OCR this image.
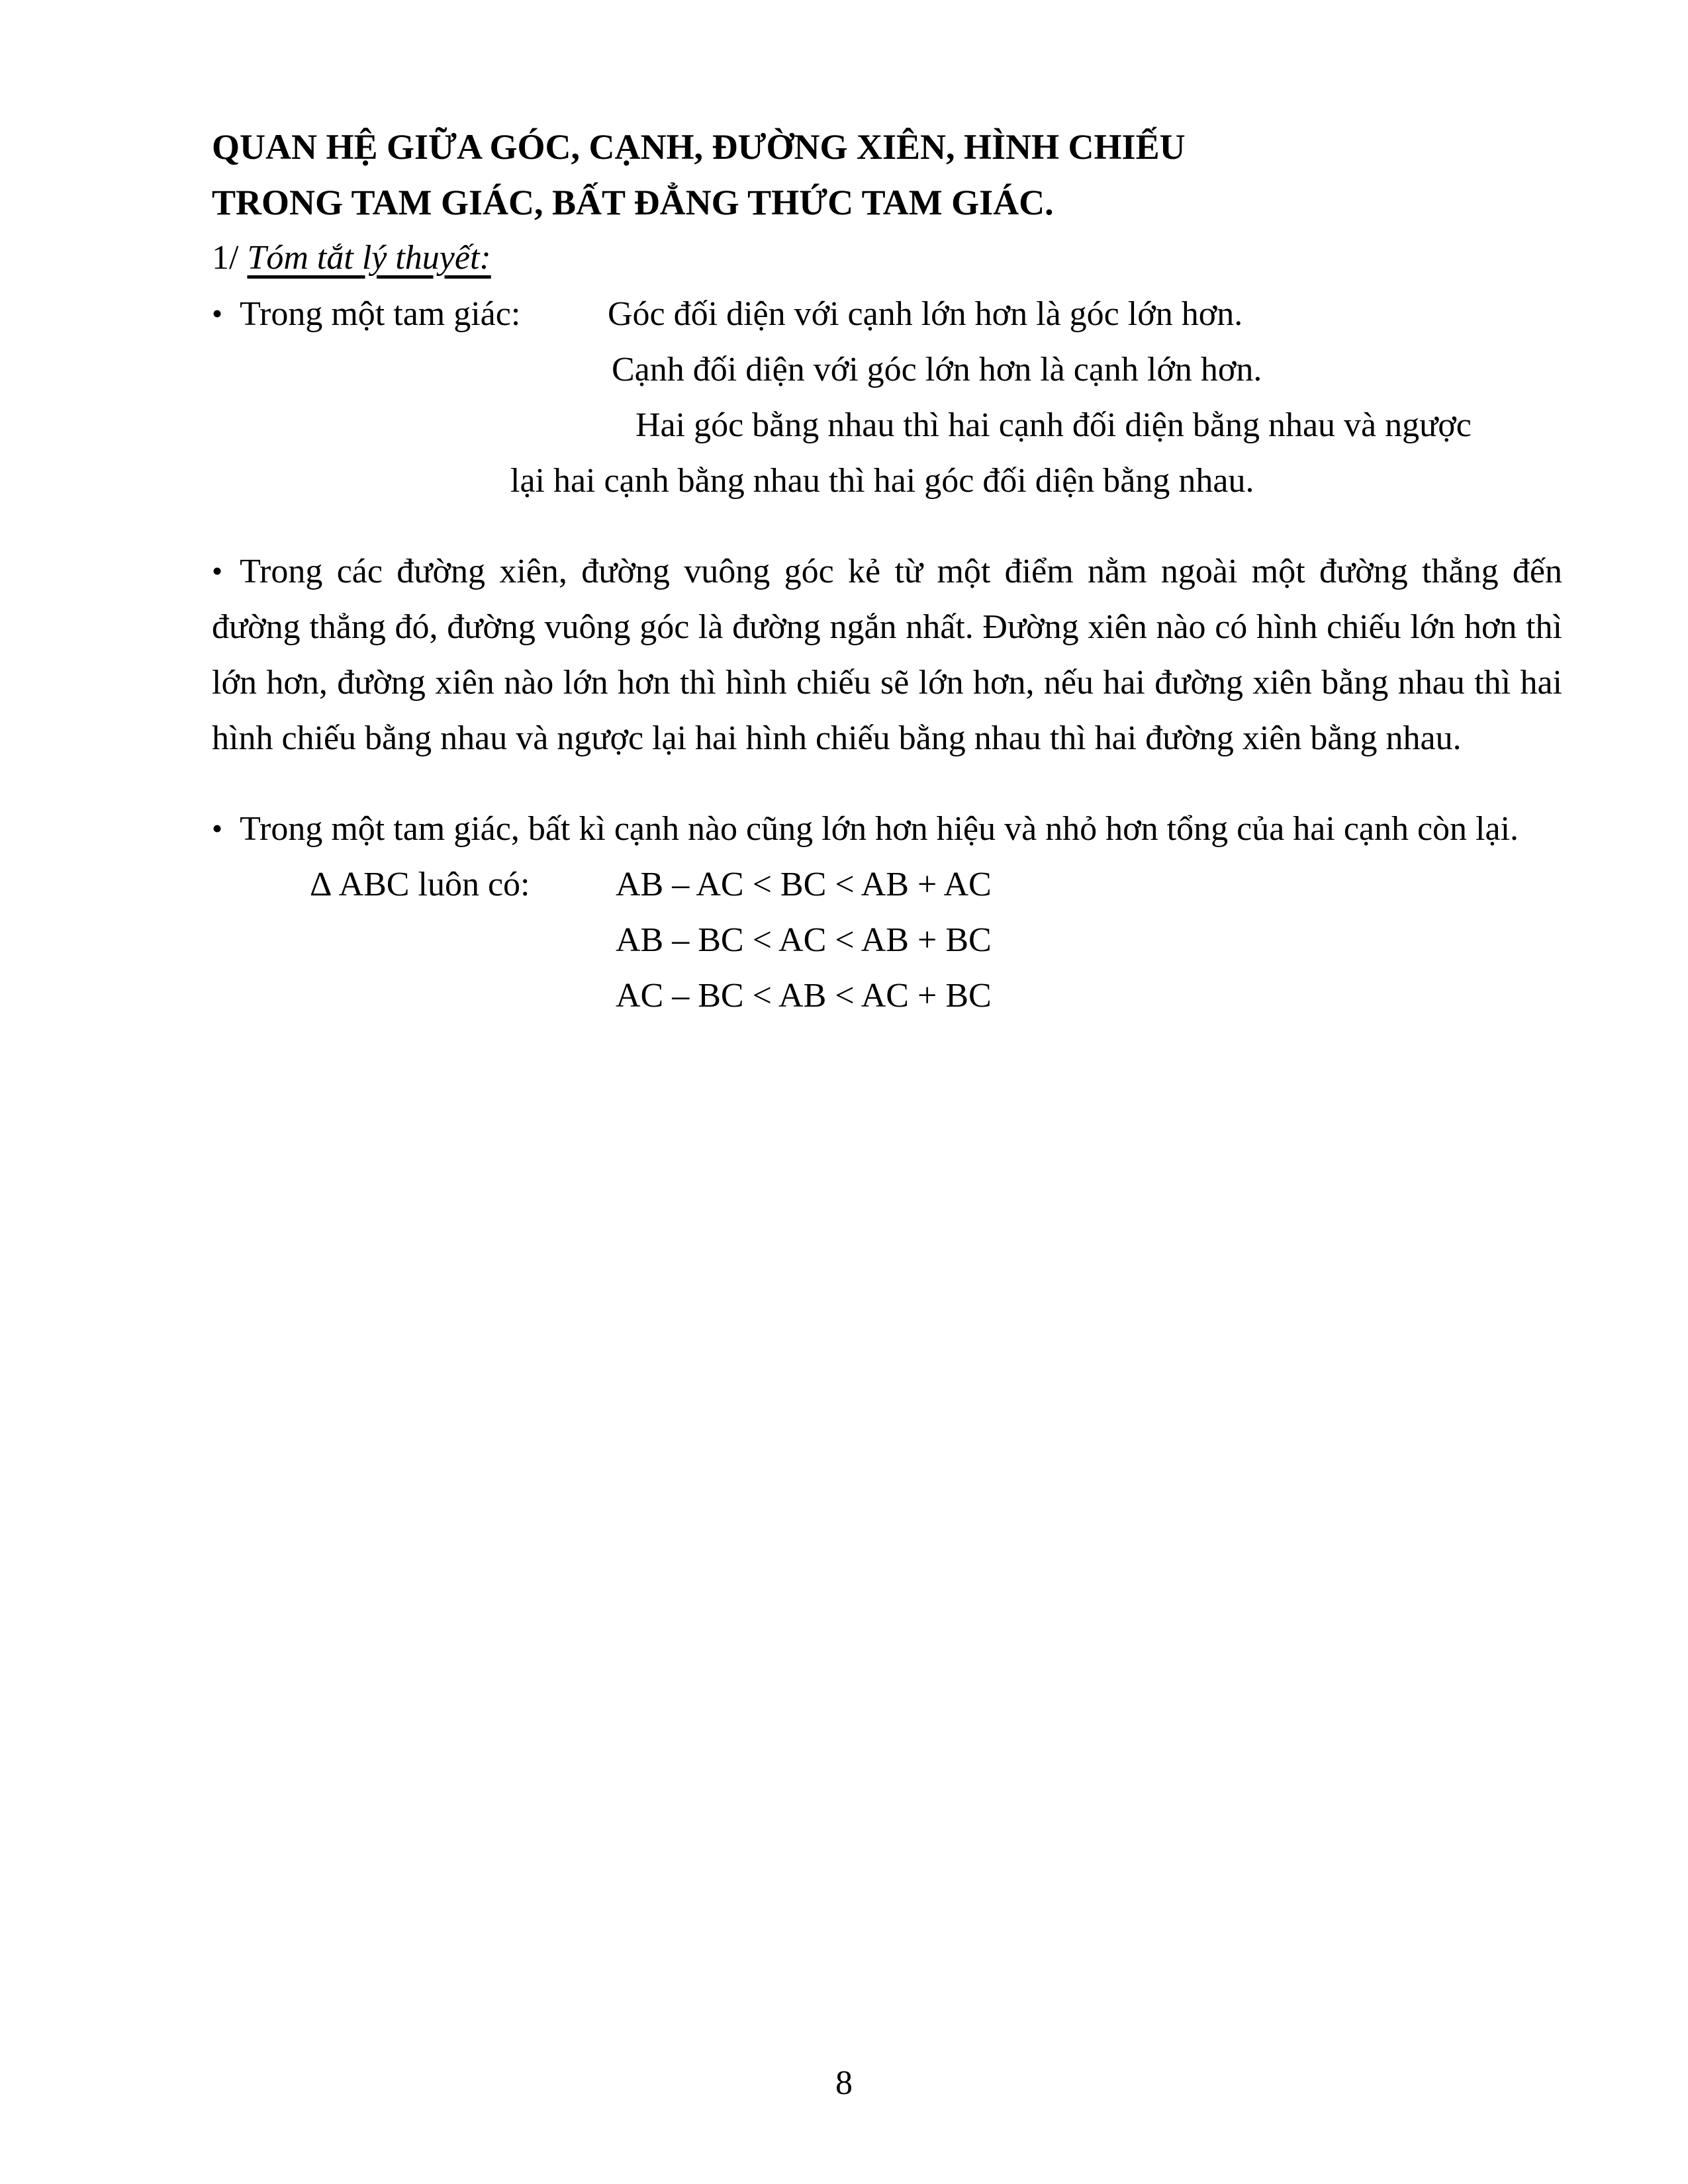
QUAN HỆ GIỮA GÓC, CẠNH, ĐƯỜNG XIÊN, HÌNH CHIẾU
TRONG TAM GIÁC, BẤT ĐẲNG THỨC TAM GIÁC.
1/ Tóm tắt lý thuyết:
• Trong một tam giác:	Góc đối diện với cạnh lớn hơn là góc lớn hơn.
Cạnh đối diện với góc lớn hơn là cạnh lớn hơn.
Hai góc bằng nhau thì hai cạnh đối diện bằng nhau và ngược
lại hai cạnh bằng nhau thì hai góc đối diện bằng nhau.

• Trong các đường xiên, đường vuông góc kẻ từ một điểm nằm ngoài một đường thẳng đến đường thẳng đó, đường vuông góc là đường ngắn nhất. Đường xiên nào có hình chiếu lớn hơn thì lớn hơn, đường xiên nào lớn hơn thì hình chiếu sẽ lớn hơn, nếu hai đường xiên bằng nhau thì hai hình chiếu bằng nhau và ngược lại hai hình chiếu bằng nhau thì hai đường xiên bằng nhau.

• Trong một tam giác, bất kì cạnh nào cũng lớn hơn hiệu và nhỏ hơn tổng của hai cạnh còn lại.

Δ ABC luôn có: AB – AC < BC < AB + AC
AB – BC < AC < AB + BC
AC – BC < AB < AC + BC
8
